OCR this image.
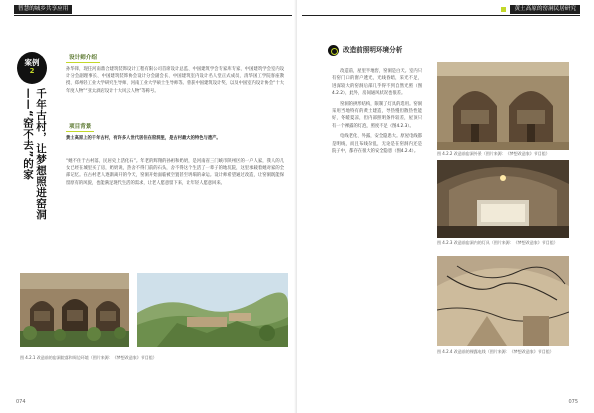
智慧的城乡共享应用
案例
2
千年古村，让梦想照进窑洞——“窑不去”的家
设计师介绍
孙华锋，现任河南鼎合建筑装饰设计工程有限公司首席设计总监、中国建筑学会专家库专家、中国建筑学会室内设计分会副理事长、中国建筑装饰协会设计分会副会长、中国建筑室内设计名人堂正式成员、清华国工学院客座教授、郑州轻工业大学研究生导师、河南工业大学硕士生导师等。曾获中国建筑设计奖、以及中国室内设计协会“十大年度人物”“亚太酒店设计十大风云人物”等称号。
项目背景
黄土高原上的千年古村，有许多人世代居住在窑洞里，是古村最大的特色与遗产。
“她不住于古村落，民居史上活化石”。年老的辉翔的孙祖和奶奶，是河南省三门峡市陕州区的一户人家，我人的儿女已经在城里买了房，奶奶说，热舍不得门前的石头，舍不得这个生活了一辈子的地坑院，这里承载着她对家的全部记忆。在古村老人逐渐离开的今天，窑洞开始面临被空置甚至坍塌的命运。设计师希望通过改造，让窑洞既能保留原有的风貌，也能满足现代生活的需求，让老人愿意留下来，让年轻人愿意回来。
图 4.2.1 改造前的窑洞院落和周边环境（图片来源：《梦想改造家》节目组）
074
黄土高原的窑洞民居研究
改造前照明环境分析

改造前，屋里半地窖，窑洞是白天。室内只有窑门口的窗户透光，光线昏暗，采光不足，进深较大的窑洞后部几乎得不到自然光照（图4.2.2），此外，房间通风状况也很差。

窑洞的拱形结构，限制了灯具的选用。窑洞采用当地特有的黄土建造，导热慢但散热性能好，冬暖夏凉，但内部照明条件较差，屋顶只有一个裸露的灯泡，照度不足（图4.2.3）。

电线老化、外露，安全隐患大。原屋电线都是明线，而且布线杂乱，无论是在窑洞内还是院子中，都存在很大的安全隐患（图4.2.4）。	图 4.2.2 改造前窑洞外景（图片来源：《梦想改造家》节目组）
图 4.2.3 改造前窑洞内的灯具（图片来源：《梦想改造家》节目组）
图 4.2.4 改造前的裸露电线（图片来源：《梦想改造家》节目组）
075
